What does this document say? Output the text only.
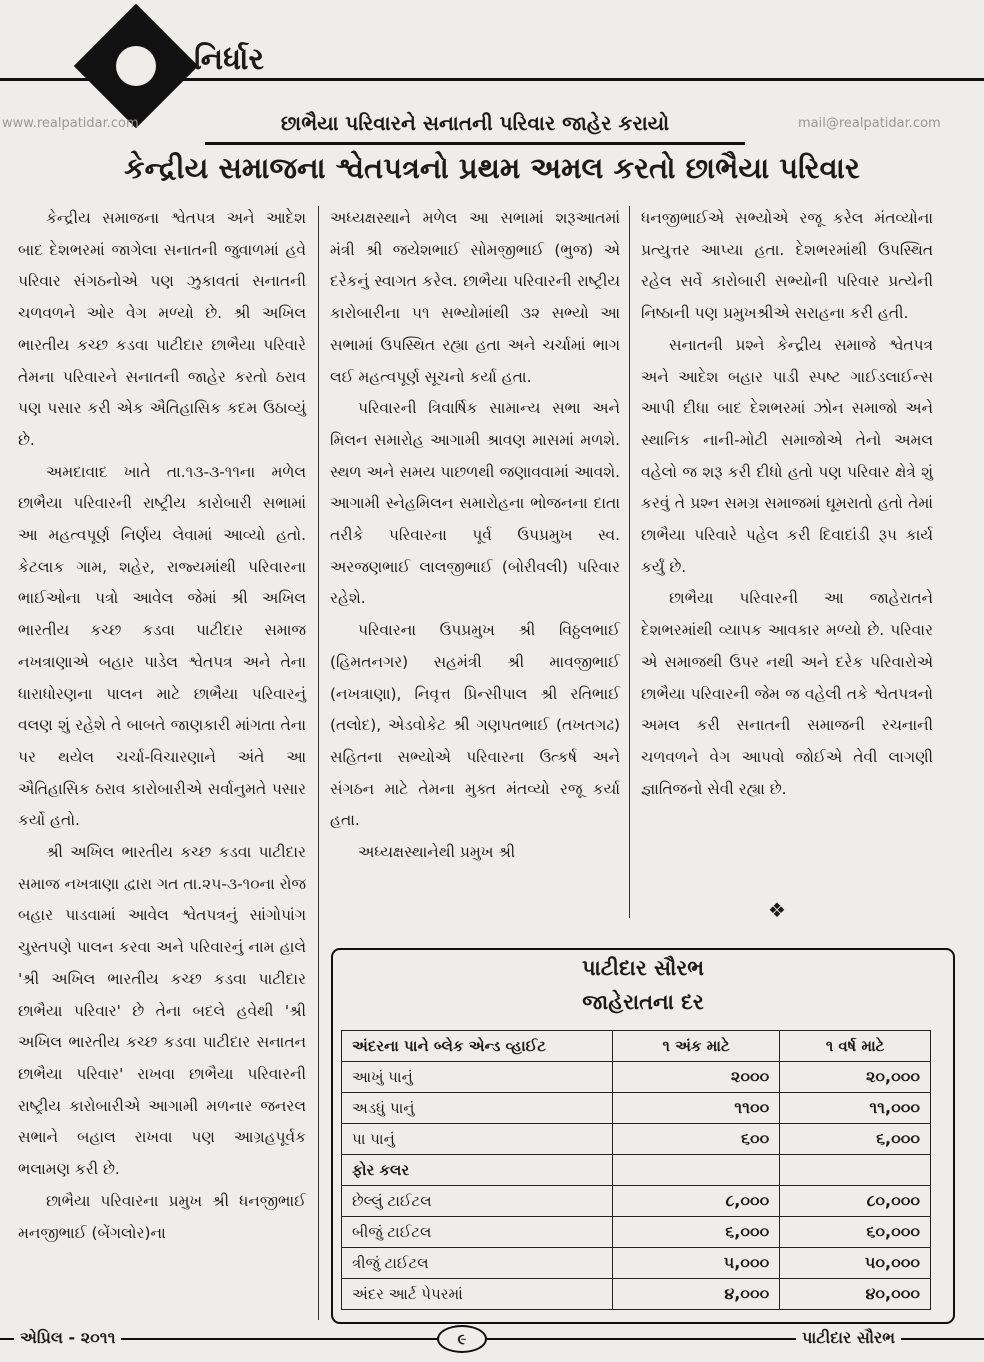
નિર્ધાર
www.realpatidar.com	mail@realpatidar.com
છાભૈયા પરિવારને સનાતની પરિવાર જાહેર કરાયો
કેન્દ્રીય સમાજના શ્વેતપત્રનો પ્રથમ અમલ કરતો છાભૈયા પરિવાર

કેન્દ્રીય સમાજના શ્વેતપત્ર અને આદેશ બાદ દેશભરમાં જાગેલા સનાતની જુવાળમાં હવે પરિવાર સંગઠનોએ પણ ઝુકાવતાં સનાતની ચળવળને ઓર વેગ મળ્યો છે. શ્રી અખિલ ભારતીય કચ્છ કડવા પાટીદાર છાભૈયા પરિવારે તેમના પરિવારને સનાતની જાહેર કરતો ઠરાવ પણ પસાર કરી એક ઐતિહાસિક કદમ ઉઠાવ્યું છે.

અમદાવાદ ખાતે તા.૧૩-૩-૧૧ના મળેલ છાભૈયા પરિવારની રાષ્ટ્રીય કારોબારી સભામાં આ મહત્વપૂર્ણ નિર્ણય લેવામાં આવ્યો હતો. કેટલાક ગામ, શહેર, રાજ્યમાંથી પરિવારના ભાઈઓના પત્રો આવેલ જેમાં શ્રી અખિલ ભારતીય કચ્છ કડવા પાટીદાર સમાજ નખત્રાણાએ બહાર પાડેલ શ્વેતપત્ર અને તેના ધારાધોરણના પાલન માટે છાભૈયા પરિવારનું વલણ શું રહેશે તે બાબતે જાણકારી માંગતા તેના પર થયેલ ચર્ચા-વિચારણાને અંતે આ ઐતિહાસિક ઠરાવ કારોબારીએ સર્વાનુમતે પસાર કર્યો હતો.

શ્રી અખિલ ભારતીય કચ્છ કડવા પાટીદાર સમાજ નખત્રાણા દ્વારા ગત તા.૨૫-૩-૧૦ના રોજ બહાર પાડવામાં આવેલ શ્વેતપત્રનું સાંગોપાંગ ચુસ્તપણે પાલન કરવા અને પરિવારનું નામ હાલે 'શ્રી અખિલ ભારતીય કચ્છ કડવા પાટીદાર છાભૈયા પરિવાર' છે તેના બદલે હવેથી 'શ્રી અખિલ ભારતીય કચ્છ કડવા પાટીદાર સનાતન છાભૈયા પરિવાર' રાખવા છાભૈયા પરિવારની રાષ્ટ્રીય કારોબારીએ આગામી મળનાર જનરલ સભાને બહાલ રાખવા પણ આગ્રહપૂર્વક ભલામણ કરી છે.

છાભૈયા પરિવારના પ્રમુખ શ્રી ધનજીભાઈ મનજીભાઈ (બેંગલોર)ના

અધ્યક્ષસ્થાને મળેલ આ સભામાં શરૂઆતમાં મંત્રી શ્રી જયેશભાઈ સોમજીભાઈ (ભુજ) એ દરેકનું સ્વાગત કરેલ. છાભૈયા પરિવારની રાષ્ટ્રીય કારોબારીના ૫૧ સભ્યોમાંથી ૩૨ સભ્યો આ સભામાં ઉપસ્થિત રહ્યા હતા અને ચર્ચામાં ભાગ લઈ મહત્વપૂર્ણ સૂચનો કર્યા હતા.

પરિવારની ત્રિવાર્ષિક સામાન્ય સભા અને મિલન સમારોહ આગામી શ્રાવણ માસમાં મળશે. સ્થળ અને સમય પાછળથી જણાવવામાં આવશે. આગામી સ્નેહમિલન સમારોહના ભોજનના દાતા તરીકે પરિવારના પૂર્વ ઉપપ્રમુખ સ્વ. અરજણભાઈ લાલજીભાઈ (બોરીવલી) પરિવાર રહેશે.

પરિવારના ઉપપ્રમુખ શ્રી વિઠ્ઠલભાઈ (હિમતનગર) સહમંત્રી શ્રી માવજીભાઈ (નખત્રાણા), નિવૃત્ત પ્રિન્સીપાલ શ્રી રતિભાઈ (તલોદ), એડવોકેટ શ્રી ગણપતભાઈ (તખતગઢ) સહિતના સભ્યોએ પરિવારના ઉત્કર્ષ અને સંગઠન માટે તેમના મુક્ત મંતવ્યો રજૂ કર્યા હતા.

અધ્યક્ષસ્થાનેથી પ્રમુખ શ્રી

ધનજીભાઈએ સભ્યોએ રજૂ કરેલ મંતવ્યોના પ્રત્યુત્તર આપ્યા હતા. દેશભરમાંથી ઉપસ્થિત રહેલ સર્વે કારોબારી સભ્યોની પરિવાર પ્રત્યેની નિષ્ઠાની પણ પ્રમુખશ્રીએ સરાહના કરી હતી.

સનાતની પ્રશ્ને કેન્દ્રીય સમાજે શ્વેતપત્ર અને આદેશ બહાર પાડી સ્પષ્ટ ગાઈડલાઈન્સ આપી દીધા બાદ દેશભરમાં ઝોન સમાજો અને સ્થાનિક નાની-મોટી સમાજોએ તેનો અમલ વહેલો જ શરૂ કરી દીધો હતો પણ પરિવાર ક્ષેત્રે શું કરવું તે પ્રશ્ન સમગ્ર સમાજમાં ઘૂમરાતો હતો તેમાં છાભૈયા પરિવારે પહેલ કરી દિવાદાંડી રૂપ કાર્ય કર્યું છે.

છાભૈયા પરિવારની આ જાહેરાતને દેશભરમાંથી વ્યાપક આવકાર મળ્યો છે. પરિવાર એ સમાજથી ઉપર નથી અને દરેક પરિવારોએ છાભૈયા પરિવારની જેમ જ વહેલી તકે શ્વેતપત્રનો અમલ કરી સનાતની સમાજની રચનાની ચળવળને વેગ આપવો જોઈએ તેવી લાગણી જ્ઞાતિજનો સેવી રહ્યા છે.

❖
પાટીદાર સૌરભ
જાહેરાતના દર
અંદરના પાને બ્લેક એન્ડ વ્હાઈટ	૧ અંક માટે	૧ વર્ષ માટે
આખું પાનું	૨૦૦૦	૨૦,૦૦૦
અડધું પાનું	૧૧૦૦	૧૧,૦૦૦
પા પાનું	૬૦૦	૬,૦૦૦
ફોર કલર		
છેલ્લું ટાઈટલ	૮,૦૦૦	૮૦,૦૦૦
બીજું ટાઈટલ	૬,૦૦૦	૬૦,૦૦૦
ત્રીજું ટાઈટલ	૫,૦૦૦	૫૦,૦૦૦
અંદર આર્ટ પેપરમાં	૪,૦૦૦	૪૦,૦૦૦
એપ્રિલ - ૨૦૧૧	૯	પાટીદાર સૌરભ
